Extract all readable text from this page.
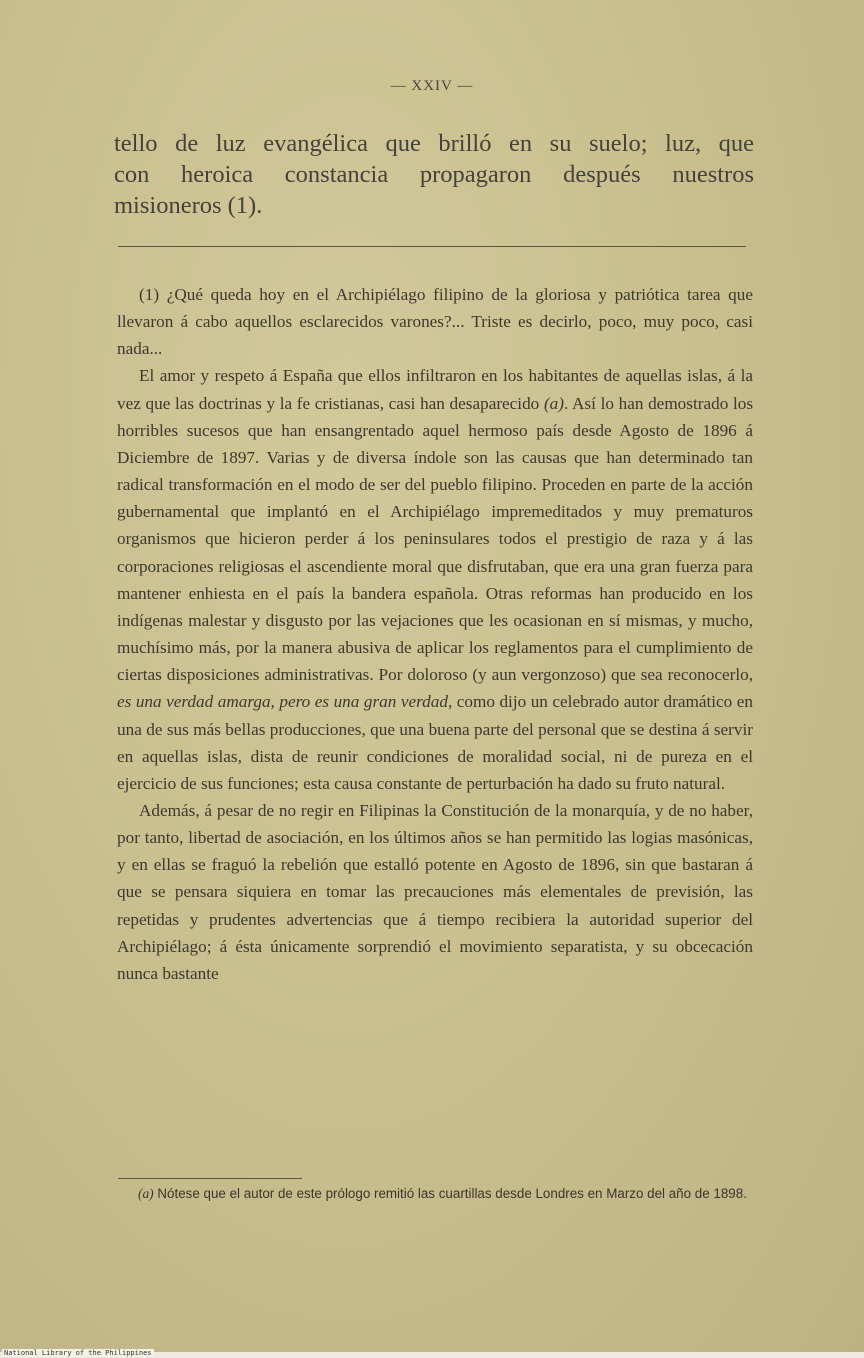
— XXIV —

tello de luz evangélica que brilló en su suelo; luz, que

con heroica constancia propagaron después nuestros

misioneros (1).

(1) ¿Qué queda hoy en el Archipiélago filipino de la gloriosa y patriótica tarea que llevaron á cabo aquellos esclarecidos varones?... Triste es decirlo, poco, muy poco, casi nada...

El amor y respeto á España que ellos infiltraron en los habitantes de aquellas islas, á la vez que las doctrinas y la fe cristianas, casi han desaparecido (a). Así lo han demostrado los horribles sucesos que han ensangrentado aquel hermoso país desde Agosto de 1896 á Diciembre de 1897. Varias y de diversa índole son las causas que han determinado tan radical transformación en el modo de ser del pueblo filipino. Proceden en parte de la acción gubernamental que implantó en el Archipiélago impremeditados y muy prematuros organismos que hicieron perder á los peninsulares todos el prestigio de raza y á las corporaciones religiosas el ascendiente moral que disfrutaban, que era una gran fuerza para mantener enhiesta en el país la bandera española. Otras reformas han producido en los indígenas malestar y disgusto por las vejaciones que les ocasionan en sí mismas, y mucho, muchísimo más, por la manera abusiva de aplicar los reglamentos para el cumplimiento de ciertas disposiciones administrativas. Por doloroso (y aun vergonzoso) que sea reconocerlo, es una verdad amarga, pero es una gran verdad, como dijo un celebrado autor dramático en una de sus más bellas producciones, que una buena parte del personal que se destina á servir en aquellas islas, dista de reunir condiciones de moralidad social, ni de pureza en el ejercicio de sus funciones; esta causa constante de perturbación ha dado su fruto natural.

Además, á pesar de no regir en Filipinas la Constitución de la monarquía, y de no haber, por tanto, libertad de asociación, en los últimos años se han permitido las logias masónicas, y en ellas se fraguó la rebelión que estalló potente en Agosto de 1896, sin que bastaran á que se pensara siquiera en tomar las precauciones más elementales de previsión, las repetidas y prudentes advertencias que á tiempo recibiera la autoridad superior del Archipiélago; á ésta únicamente sorprendió el movimiento separatista, y su obcecación nunca bastante

(a) Nótese que el autor de este prólogo remitió las cuartillas desde Londres en Marzo del año de 1898.

National Library of the Philippines
